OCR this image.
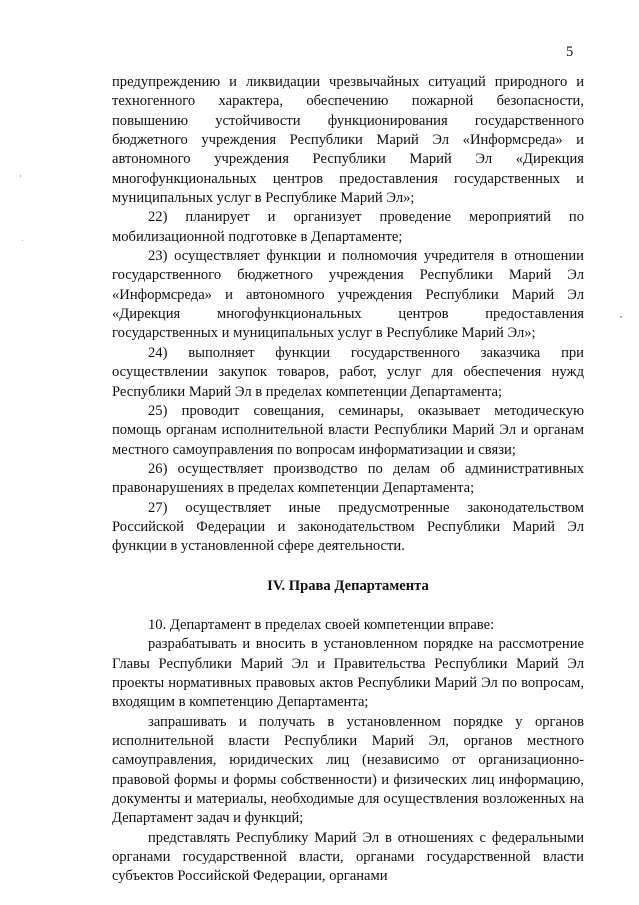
5

предупреждению и ликвидации чрезвычайных ситуаций природного и техногенного характера, обеспечению пожарной безопасности, повышению устойчивости функционирования государственного бюджетного учреждения Республики Марий Эл «Информсреда» и автономного учреждения Республики Марий Эл «Дирекция многофункциональных центров предоставления государственных и муниципальных услуг в Республике Марий Эл»;

22) планирует и организует проведение мероприятий по мобилизационной подготовке в Департаменте;

23) осуществляет функции и полномочия учредителя в отношении государственного бюджетного учреждения Республики Марий Эл «Информсреда» и автономного учреждения Республики Марий Эл «Дирекция многофункциональных центров предоставления государственных и муниципальных услуг в Республике Марий Эл»;

24) выполняет функции государственного заказчика при осуществлении закупок товаров, работ, услуг для обеспечения нужд Республики Марий Эл в пределах компетенции Департамента;

25) проводит совещания, семинары, оказывает методическую помощь органам исполнительной власти Республики Марий Эл и органам местного самоуправления по вопросам информатизации и связи;

26) осуществляет производство по делам об административных правонарушениях в пределах компетенции Департамента;

27) осуществляет иные предусмотренные законодательством Российской Федерации и законодательством Республики Марий Эл функции в установленной сфере деятельности.

IV. Права Департамента

10. Департамент в пределах своей компетенции вправе:

разрабатывать и вносить в установленном порядке на рассмотрение Главы Республики Марий Эл и Правительства Республики Марий Эл проекты нормативных правовых актов Республики Марий Эл по вопросам, входящим в компетенцию Департамента;

запрашивать и получать в установленном порядке у органов исполнительной власти Республики Марий Эл, органов местного самоуправления, юридических лиц (независимо от организационно-правовой формы и формы собственности) и физических лиц информацию, документы и материалы, необходимые для осуществления возложенных на Департамент задач и функций;

представлять Республику Марий Эл в отношениях с федеральными органами государственной власти, органами государственной власти субъектов Российской Федерации, органами
